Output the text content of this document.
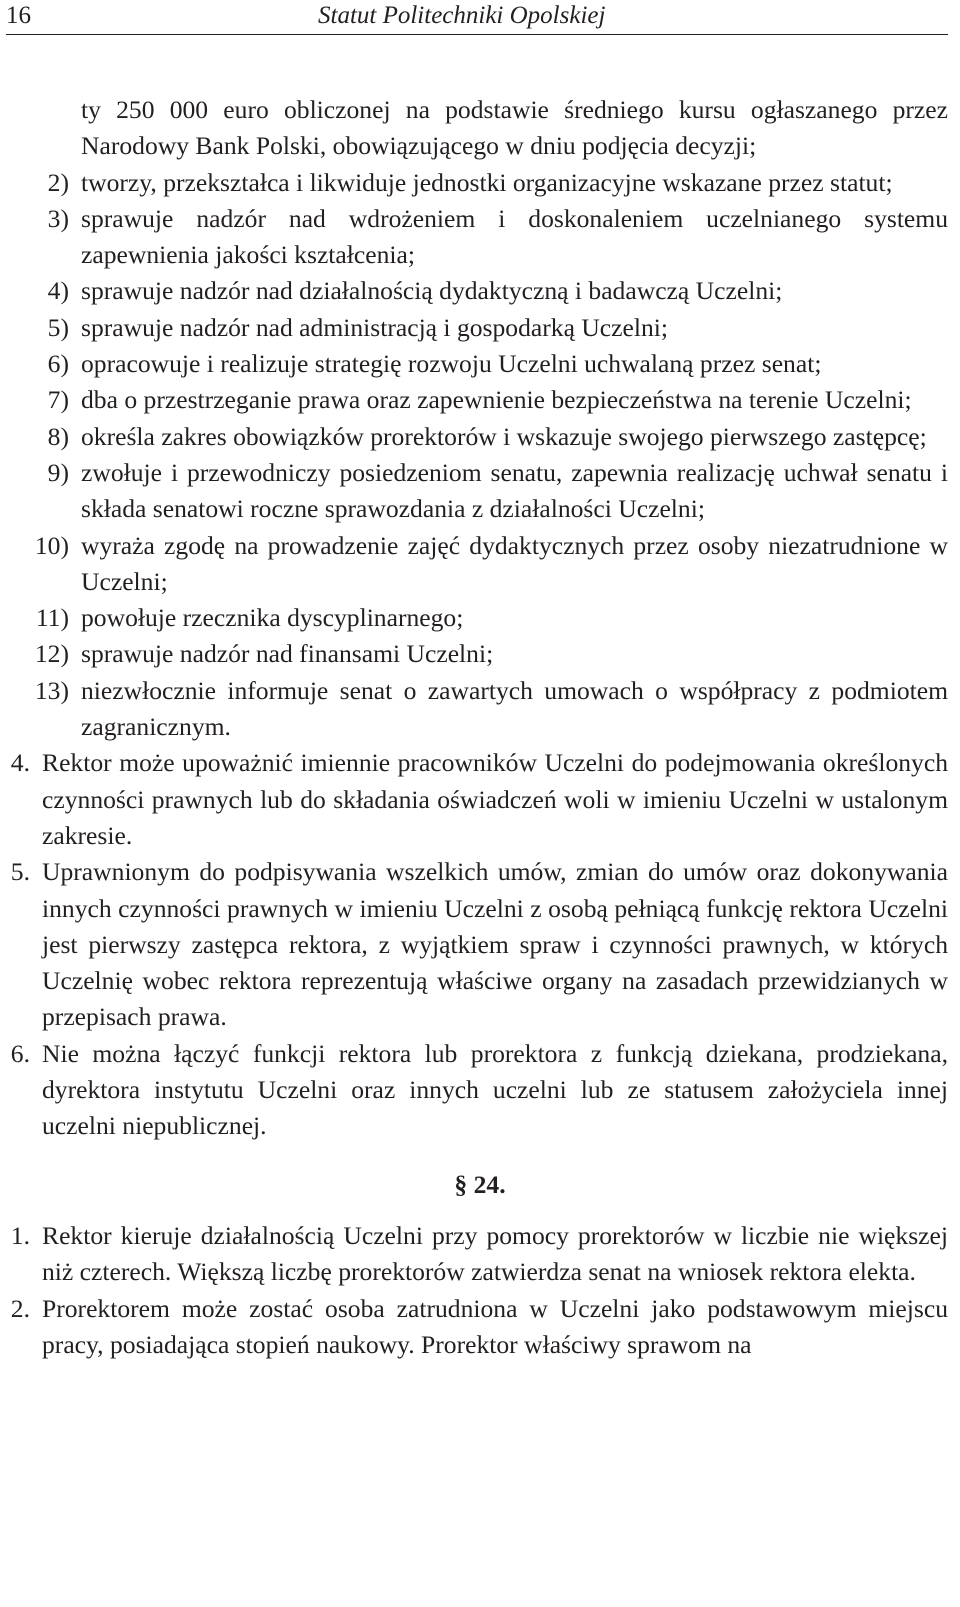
16	Statut Politechniki Opolskiej
ty 250 000 euro obliczonej na podstawie średniego kursu ogłaszanego przez Narodowy Bank Polski, obowiązującego w dniu podjęcia decyzji;
2) tworzy, przekształca i likwiduje jednostki organizacyjne wskazane przez statut;
3) sprawuje nadzór nad wdrożeniem i doskonaleniem uczelnianego systemu zapewnienia jakości kształcenia;
4) sprawuje nadzór nad działalnością dydaktyczną i badawczą Uczelni;
5) sprawuje nadzór nad administracją i gospodarką Uczelni;
6) opracowuje i realizuje strategię rozwoju Uczelni uchwalaną przez senat;
7) dba o przestrzeganie prawa oraz zapewnienie bezpieczeństwa na terenie Uczelni;
8) określa zakres obowiązków prorektorów i wskazuje swojego pierwszego zastępcę;
9) zwołuje i przewodniczy posiedzeniom senatu, zapewnia realizację uchwał senatu i składa senatowi roczne sprawozdania z działalności Uczelni;
10) wyraża zgodę na prowadzenie zajęć dydaktycznych przez osoby niezatrudnione w Uczelni;
11) powołuje rzecznika dyscyplinarnego;
12) sprawuje nadzór nad finansami Uczelni;
13) niezwłocznie informuje senat o zawartych umowach o współpracy z podmiotem zagranicznym.
4. Rektor może upoważnić imiennie pracowników Uczelni do podejmowania określonych czynności prawnych lub do składania oświadczeń woli w imieniu Uczelni w ustalonym zakresie.
5. Uprawnionym do podpisywania wszelkich umów, zmian do umów oraz dokonywania innych czynności prawnych w imieniu Uczelni z osobą pełniącą funkcję rektora Uczelni jest pierwszy zastępca rektora, z wyjątkiem spraw i czynności prawnych, w których Uczelnię wobec rektora reprezentują właściwe organy na zasadach przewidzianych w przepisach prawa.
6. Nie można łączyć funkcji rektora lub prorektora z funkcją dziekana, prodziekana, dyrektora instytutu Uczelni oraz innych uczelni lub ze statusem założyciela innej uczelni niepublicznej.
§ 24.
1. Rektor kieruje działalnością Uczelni przy pomocy prorektorów w liczbie nie większej niż czterech. Większą liczbę prorektorów zatwierdza senat na wniosek rektora elekta.
2. Prorektorem może zostać osoba zatrudniona w Uczelni jako podstawowym miejscu pracy, posiadająca stopień naukowy. Prorektor właściwy sprawom na
